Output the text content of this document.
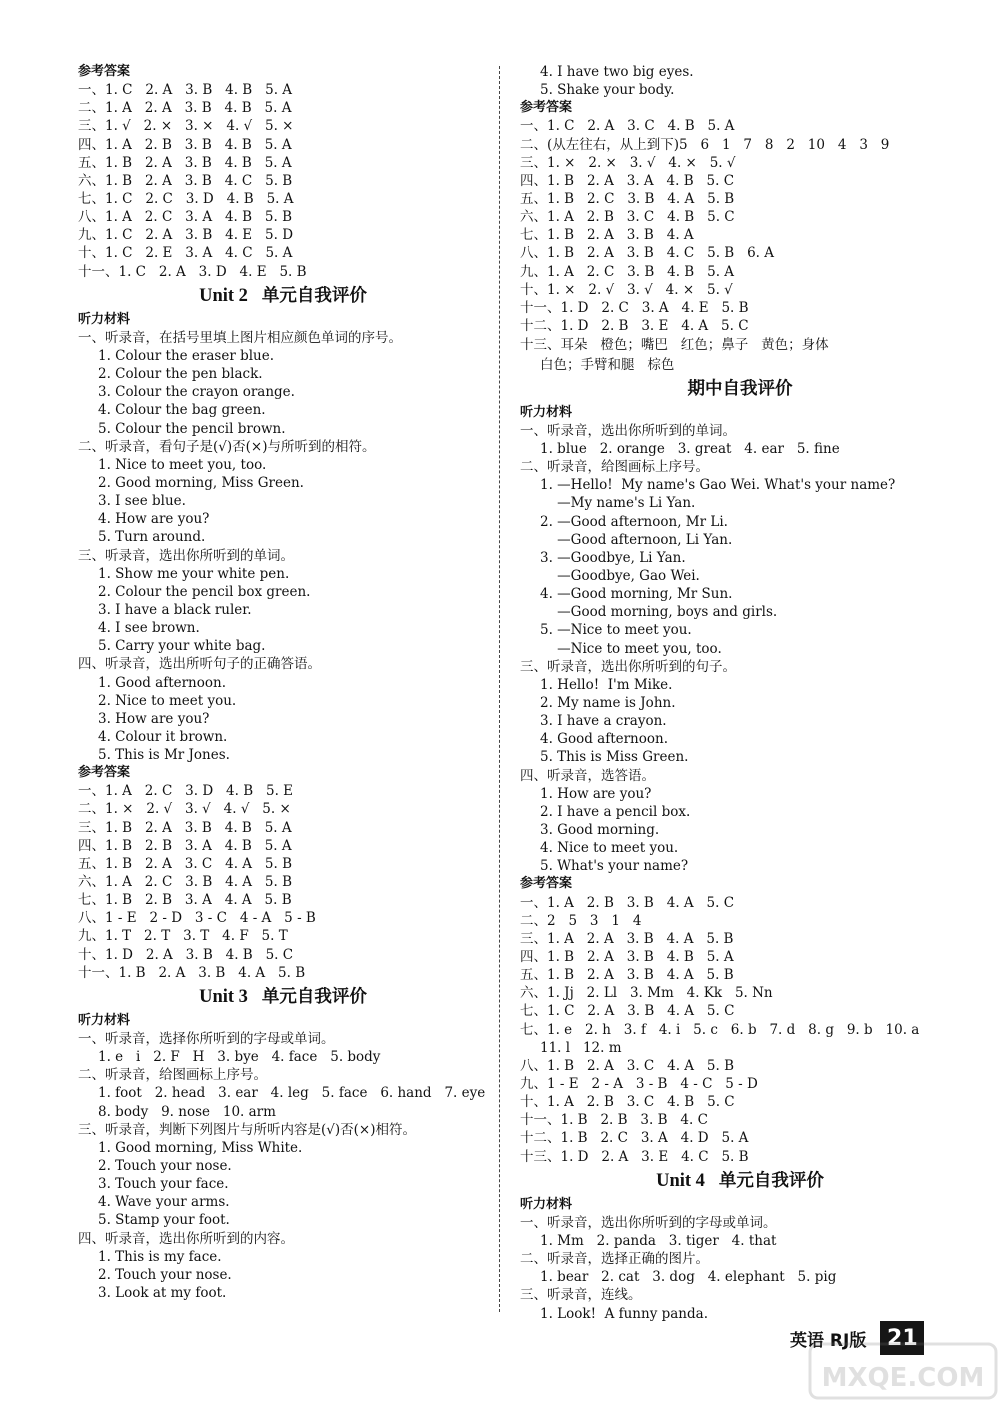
参考答案
一、1. C   2. A   3. B   4. B   5. A
二、1. A   2. A   3. B   4. B   5. A
三、1. √   2. ×   3. ×   4. √   5. ×
四、1. A   2. B   3. B   4. B   5. A
五、1. B   2. A   3. B   4. B   5. A
六、1. B   2. A   3. B   4. C   5. B
七、1. C   2. C   3. D   4. B   5. A
八、1. A   2. C   3. A   4. B   5. B
九、1. C   2. A   3. B   4. E   5. D
十、1. C   2. E   3. A   4. C   5. A
十一、1. C   2. A   3. D   4. E   5. B
Unit 2 单元自我评价
听力材料
一、听录音，在括号里填上图片相应颜色单词的序号。
1. Colour the eraser blue.
2. Colour the pen black.
3. Colour the crayon orange.
4. Colour the bag green.
5. Colour the pencil brown.
二、听录音，看句子是(√)否(×)与所听到的相符。
1. Nice to meet you, too.
2. Good morning, Miss Green.
3. I see blue.
4. How are you?
5. Turn around.
三、听录音，选出你所听到的单词。
1. Show me your white pen.
2. Colour the pencil box green.
3. I have a black ruler.
4. I see brown.
5. Carry your white bag.
四、听录音，选出所听句子的正确答语。
1. Good afternoon.
2. Nice to meet you.
3. How are you?
4. Colour it brown.
5. This is Mr Jones.
参考答案
一、1. A   2. C   3. D   4. B   5. E
二、1. ×   2. √   3. √   4. √   5. ×
三、1. B   2. A   3. B   4. B   5. A
四、1. B   2. B   3. A   4. B   5. A
五、1. B   2. A   3. C   4. A   5. B
六、1. A   2. C   3. B   4. A   5. B
七、1. B   2. B   3. A   4. A   5. B
八、1 - E   2 - D   3 - C   4 - A   5 - B
九、1. T   2. T   3. T   4. F   5. T
十、1. D   2. A   3. B   4. B   5. C
十一、1. B   2. A   3. B   4. A   5. B
Unit 3 单元自我评价
听力材料
一、听录音，选择你所听到的字母或单词。
1. e   i   2. F   H   3. bye   4. face   5. body
二、听录音，给图画标上序号。
1. foot   2. head   3. ear   4. leg   5. face   6. hand   7. eye
8. body   9. nose   10. arm
三、听录音，判断下列图片与所听内容是(√)否(×)相符。
1. Good morning, Miss White.
2. Touch your nose.
3. Touch your face.
4. Wave your arms.
5. Stamp your foot.
四、听录音，选出你所听到的内容。
1. This is my face.
2. Touch your nose.
3. Look at my foot.
4. I have two big eyes.
5. Shake your body.
参考答案
一、1. C   2. A   3. C   4. B   5. A
二、(从左往右，从上到下)5   6   1   7   8   2   10   4   3   9
三、1. ×   2. ×   3. √   4. ×   5. √
四、1. B   2. A   3. A   4. B   5. C
五、1. B   2. C   3. B   4. A   5. B
六、1. A   2. B   3. C   4. B   5. C
七、1. B   2. A   3. B   4. A
八、1. B   2. A   3. B   4. C   5. B   6. A
九、1. A   2. C   3. B   4. B   5. A
十、1. ×   2. √   3. √   4. ×   5. √
十一、1. D   2. C   3. A   4. E   5. B
十二、1. D   2. B   3. E   4. A   5. C
十三、耳朵   橙色；嘴巴   红色；鼻子   黄色；身体
白色；手臂和腿   棕色
期中自我评价
听力材料
一、听录音，选出你所听到的单词。
1. blue   2. orange   3. great   4. ear   5. fine
二、听录音，给图画标上序号。
1. —Hello!  My name's Gao Wei. What's your name?
—My name's Li Yan.
2. —Good afternoon, Mr Li.
—Good afternoon, Li Yan.
3. —Goodbye, Li Yan.
—Goodbye, Gao Wei.
4. —Good morning, Mr Sun.
—Good morning, boys and girls.
5. —Nice to meet you.
—Nice to meet you, too.
三、听录音，选出你所听到的句子。
1. Hello!  I'm Mike.
2. My name is John.
3. I have a crayon.
4. Good afternoon.
5. This is Miss Green.
四、听录音，选答语。
1. How are you?
2. I have a pencil box.
3. Good morning.
4. Nice to meet you.
5. What's your name?
参考答案
一、1. A   2. B   3. B   4. A   5. C
二、2   5   3   1   4
三、1. A   2. A   3. B   4. A   5. B
四、1. B   2. A   3. B   4. B   5. A
五、1. B   2. A   3. B   4. A   5. B
六、1. Jj   2. Ll   3. Mm   4. Kk   5. Nn
七、1. C   2. A   3. B   4. A   5. C
七、1. e   2. h   3. f   4. i   5. c   6. b   7. d   8. g   9. b   10. a
11. l   12. m
八、1. B   2. A   3. C   4. A   5. B
九、1 - E   2 - A   3 - B   4 - C   5 - D
十、1. A   2. B   3. C   4. B   5. C
十一、1. B   2. B   3. B   4. C
十二、1. B   2. C   3. A   4. D   5. A
十三、1. D   2. A   3. E   4. C   5. B
Unit 4 单元自我评价
听力材料
一、听录音，选出你所听到的字母或单词。
1. Mm   2. panda   3. tiger   4. that
二、听录音，选择正确的图片。
1. bear   2. cat   3. dog   4. elephant   5. pig
三、听录音，连线。
1. Look!  A funny panda.
英语 RJ版 21
MXQE.COM
